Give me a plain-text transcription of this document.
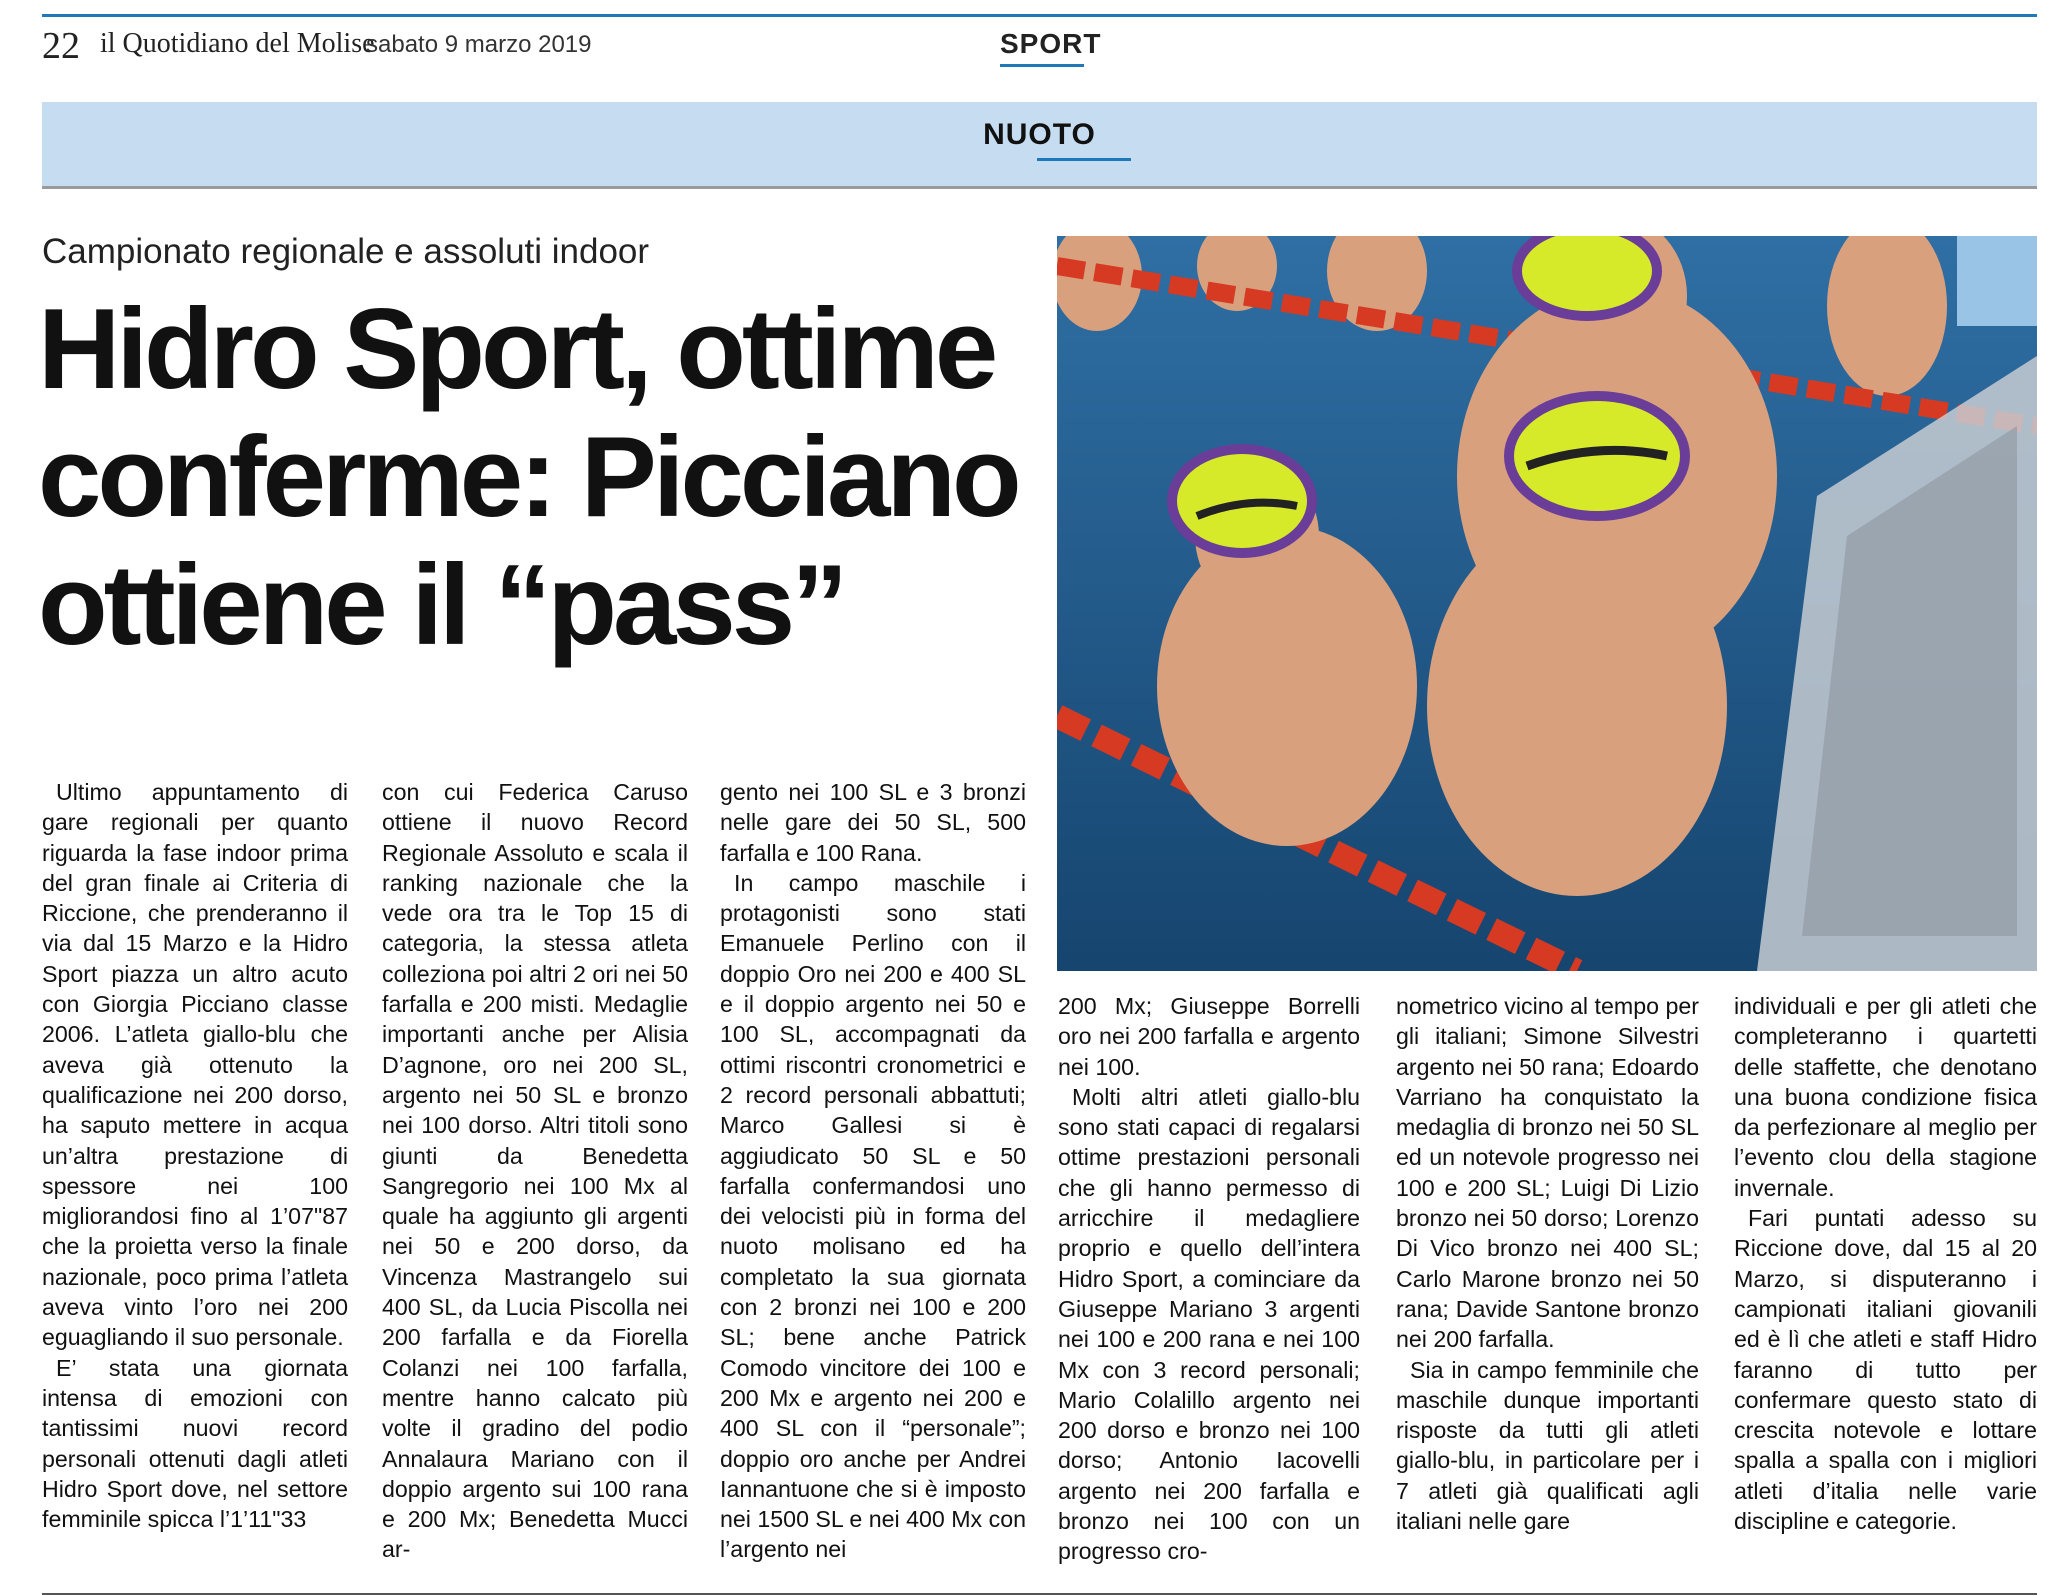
22 il Quotidiano del Molise
sabato 9 marzo 2019	SPORT
NUOTO
Campionato regionale e assoluti indoor
Hidro Sport, ottime conferme: Picciano ottiene il “pass”

Ultimo appuntamento di gare regionali per quanto riguarda la fase indoor prima del gran finale ai Criteria di Riccione, che prenderanno il via dal 15 Marzo e la Hidro Sport piazza un altro acuto con Giorgia Picciano classe 2006. L’atleta giallo-blu che aveva già ottenuto la qualificazione nei 200 dorso, ha saputo mettere in acqua un’altra prestazione di spessore nei 100 migliorandosi fino al 1’07"87 che la proietta verso la finale nazionale, poco prima l’atleta aveva vinto l’oro nei 200 eguagliando il suo personale.

E’ stata una giornata intensa di emozioni con tantissimi nuovi record personali ottenuti dagli atleti Hidro Sport dove, nel settore femminile spicca l’1’11"33

con cui Federica Caruso ottiene il nuovo Record Regionale Assoluto e scala il ranking nazionale che la vede ora tra le Top 15 di categoria, la stessa atleta colleziona poi altri 2 ori nei 50 farfalla e 200 misti. Medaglie importanti anche per Alisia D’agnone, oro nei 200 SL, argento nei 50 SL e bronzo nei 100 dorso. Altri titoli sono giunti da Benedetta Sangregorio nei 100 Mx al quale ha aggiunto gli argenti nei 50 e 200 dorso, da Vincenza Mastrangelo sui 400 SL, da Lucia Piscolla nei 200 farfalla e da Fiorella Colanzi nei 100 farfalla, mentre hanno calcato più volte il gradino del podio Annalaura Mariano con il doppio argento sui 100 rana e 200 Mx; Benedetta Mucci ar-

gento nei 100 SL e 3 bronzi nelle gare dei 50 SL, 500 farfalla e 100 Rana.

In campo maschile i protagonisti sono stati Emanuele Perlino con il doppio Oro nei 200 e 400 SL e il doppio argento nei 50 e 100 SL, accompagnati da ottimi riscontri cronometrici e 2 record personali abbattuti; Marco Gallesi si è aggiudicato 50 SL e 50 farfalla confermandosi uno dei velocisti più in forma del nuoto molisano ed ha completato la sua giornata con 2 bronzi nei 100 e 200 SL; bene anche Patrick Comodo vincitore dei 100 e 200 Mx e argento nei 200 e 400 SL con il “personale”; doppio oro anche per Andrei Iannantuone che si è imposto nei 1500 SL e nei 400 Mx con l’argento nei

200 Mx; Giuseppe Borrelli oro nei 200 farfalla e argento nei 100.

Molti altri atleti giallo-blu sono stati capaci di regalarsi ottime prestazioni personali che gli hanno permesso di arricchire il medagliere proprio e quello dell’intera Hidro Sport, a cominciare da Giuseppe Mariano 3 argenti nei 100 e 200 rana e nei 100 Mx con 3 record personali; Mario Colalillo argento nei 200 dorso e bronzo nei 100 dorso; Antonio Iacovelli argento nei 200 farfalla e bronzo nei 100 con un progresso cro-

nometrico vicino al tempo per gli italiani; Simone Silvestri argento nei 50 rana; Edoardo Varriano ha conquistato la medaglia di bronzo nei 50 SL ed un notevole progresso nei 100 e 200 SL; Luigi Di Lizio bronzo nei 50 dorso; Lorenzo Di Vico bronzo nei 400 SL; Carlo Marone bronzo nei 50 rana; Davide Santone bronzo nei 200 farfalla.

Sia in campo femminile che maschile dunque importanti risposte da tutti gli atleti giallo-blu, in particolare per i 7 atleti già qualificati agli italiani nelle gare

individuali e per gli atleti che completeranno i quartetti delle staffette, che denotano una buona condizione fisica da perfezionare al meglio per l’evento clou della stagione invernale.

Fari puntati adesso su Riccione dove, dal 15 al 20 Marzo, si disputeranno i campionati italiani giovanili ed è lì che atleti e staff Hidro faranno di tutto per confermare questo stato di crescita notevole e lottare spalla a spalla con i migliori atleti d’italia nelle varie discipline e categorie.
